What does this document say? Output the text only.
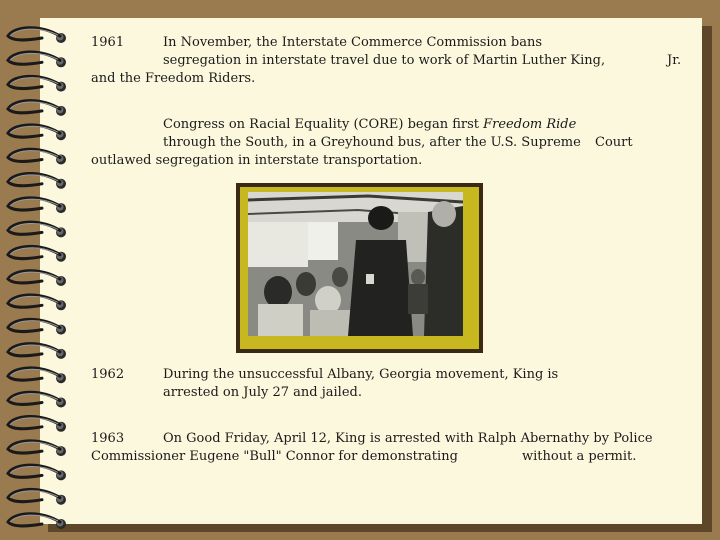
1961	In November, the Interstate Commerce Commission bans
segregation in interstate travel due to work of Martin Luther King,	Jr.
and the Freedom Riders.
Congress on Racial Equality (CORE) began first Freedom Ride
through the South, in a Greyhound bus, after the U.S. Supreme Court
outlawed segregation in interstate transportation.
1962	During the unsuccessful Albany, Georgia movement, King is
arrested on July 27 and jailed.
1963	On Good Friday, April 12, King is arrested with Ralph Abernathy by Police
Commissioner Eugene "Bull" Connor for demonstrating	without a permit.
